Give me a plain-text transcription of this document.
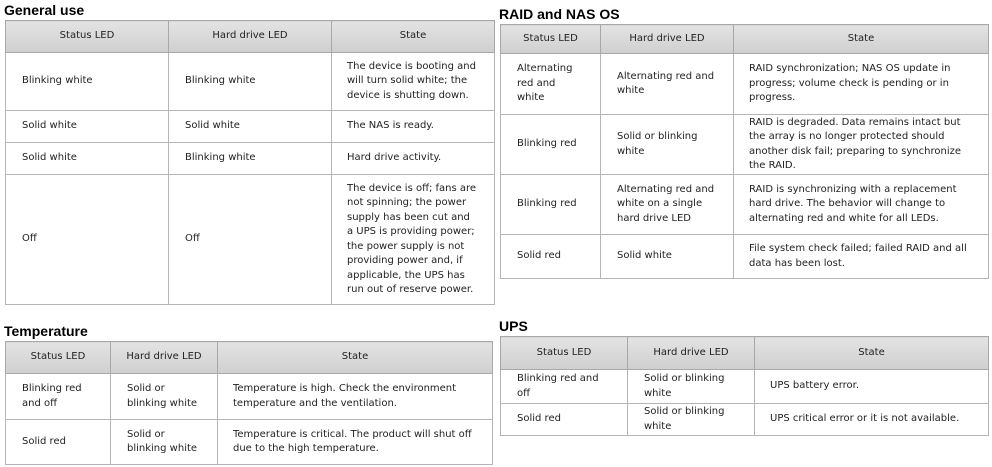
General use
Status LED	Hard drive LED	State
Blinking white	Blinking white	The device is booting and will turn solid white; the device is shutting down.
Solid white	Solid white	The NAS is ready.
Solid white	Blinking white	Hard drive activity.
Off	Off	The device is off; fans are not spinning; the power supply has been cut and a UPS is providing power; the power supply is not providing power and, if applicable, the UPS has run out of reserve power.
RAID and NAS OS
Status LED	Hard drive LED	State
Alternating red and white	Alternating red and white	RAID synchronization; NAS OS update in progress; volume check is pending or in progress.
Blinking red	Solid or blinking white	RAID is degraded. Data remains intact but the array is no longer protected should another disk fail; preparing to synchronize the RAID.
Blinking red	Alternating red and white on a single hard drive LED	RAID is synchronizing with a replacement hard drive. The behavior will change to alternating red and white for all LEDs.
Solid red	Solid white	File system check failed; failed RAID and all data has been lost.
Temperature
Status LED	Hard drive LED	State
Blinking red and off	Solid or blinking white	Temperature is high. Check the environment temperature and the ventilation.
Solid red	Solid or blinking white	Temperature is critical. The product will shut off due to the high temperature.
UPS
Status LED	Hard drive LED	State
Blinking red and off	Solid or blinking white	UPS battery error.
Solid red	Solid or blinking white	UPS critical error or it is not available.
